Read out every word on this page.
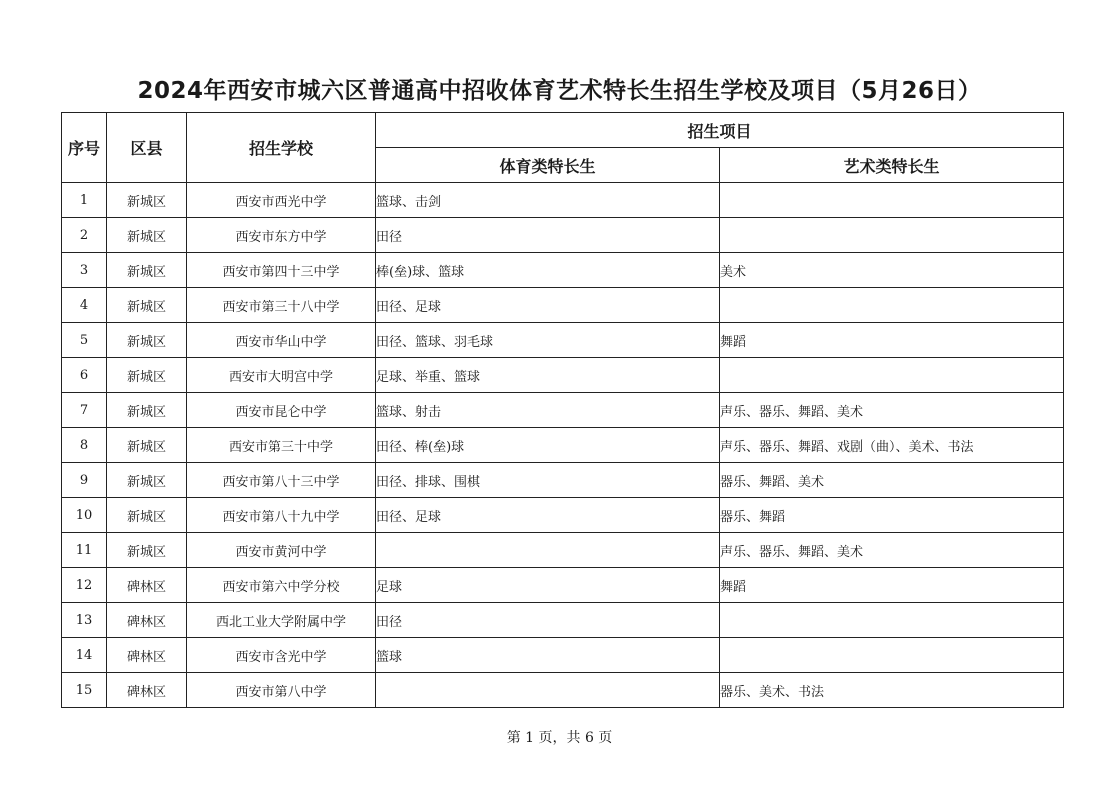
2024年西安市城六区普通高中招收体育艺术特长生招生学校及项目（5月26日）
序号	区县	招生学校	招生项目	
			体育类特长生	艺术类特长生
1	新城区	西安市西光中学	篮球、击剑	
2	新城区	西安市东方中学	田径	
3	新城区	西安市第四十三中学	棒(垒)球、篮球	美术
4	新城区	西安市第三十八中学	田径、足球	
5	新城区	西安市华山中学	田径、篮球、羽毛球	舞蹈
6	新城区	西安市大明宫中学	足球、举重、篮球	
7	新城区	西安市昆仑中学	篮球、射击	声乐、器乐、舞蹈、美术
8	新城区	西安市第三十中学	田径、棒(垒)球	声乐、器乐、舞蹈、戏剧（曲）、美术、书法
9	新城区	西安市第八十三中学	田径、排球、围棋	器乐、舞蹈、美术
10	新城区	西安市第八十九中学	田径、足球	器乐、舞蹈
11	新城区	西安市黄河中学		声乐、器乐、舞蹈、美术
12	碑林区	西安市第六中学分校	足球	舞蹈
13	碑林区	西北工业大学附属中学	田径	
14	碑林区	西安市含光中学	篮球	
15	碑林区	西安市第八中学		器乐、美术、书法
第 1 页，共 6 页
